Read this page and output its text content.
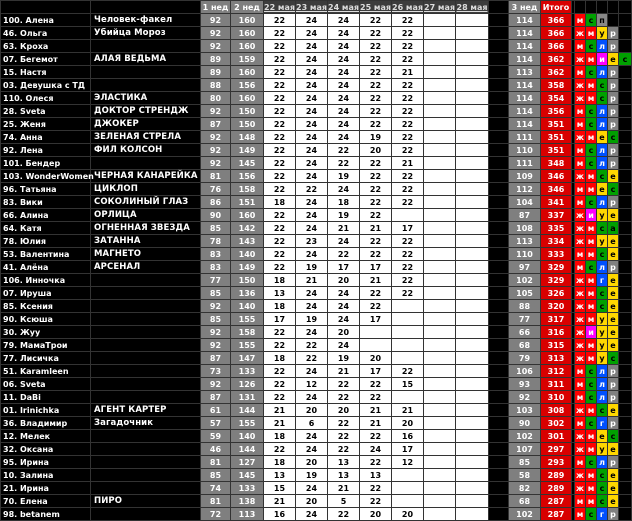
		1 нед	2 нед	22 мая	23 мая	24 мая	25 мая	26 мая	27 мая	28 мая		3 нед	Итого						
100. Алена	Человек-факел	92	160	22	24	24	22	22				114	366		м	с	п		
46. Ольга	Убийца Мороз	92	160	22	24	24	22	22				114	366		ж	м	у	р	
63. Кроха		92	160	22	24	24	22	22				114	366		м	с	л	р	
07. Бегемот	АЛАЯ ВЕДЬМА	89	159	22	24	24	22	22				114	362		ж	м	и	е	с
15. Настя		89	160	22	24	24	22	21				113	362		м	с	л	р	
03. Девушка с ТД		88	156	22	24	24	22	22				114	358		ж	м	с	р	
110. Олеся	ЭЛАСТИКА	80	160	22	24	24	22	22				114	354		ж	м	с	р	
28. Sveta	ДОКТОР СТРЕНДЖ	92	150	22	24	24	22	22				114	356		м	с	л	р	
25. Женя	ДЖОКЕР	87	150	22	24	24	22	22				114	351		м	с	л	р	
74. Анна	ЗЕЛЕНАЯ СТРЕЛА	92	148	22	24	24	19	22				111	351		ж	м	е	с	
92. Лена	ФИЛ КОЛСОН	92	149	22	24	22	20	22				110	351		м	с	л	р	
101. Бендер		92	145	22	24	22	22	21				111	348		м	с	л	р	
103. WonderWomen	ЧЕРНАЯ КАНАРЕЙКА	81	156	22	24	19	22	22				109	346		ж	м	с	е	
96. Татьяна	ЦИКЛОП	76	158	22	22	24	22	22				112	346		м	м	е	с	
83. Вики	СОКОЛИНЫЙ ГЛАЗ	86	151	18	24	18	22	22				104	341		м	с	л	р	
66. Алина	ОРЛИЦА	90	160	22	24	19	22					87	337		ж	и	у	е	
64. Катя	ОГНЕННАЯ ЗВЕЗДА	85	142	22	24	21	21	17				108	335		ж	м	с	а	
78. Юлия	ЗАТАННА	78	143	22	23	24	22	22				113	334		ж	м	у	е	
53. Валентина	МАГНЕТО	83	140	22	24	22	22	22				110	333		м	м	с	е	
41. Алёна	АРСЕНАЛ	83	149	22	19	17	17	22				97	329		м	с	л	р	
106. Инночка		77	150	18	21	20	21	22				102	329		ж	м	г	е	
07. Ируша		85	136	13	24	24	22	22				105	326		ж	м	с	е	
85. Ксения		92	140	18	24	24	22					88	320		ж	м	с	е	
90. Ксюша		85	155	17	19	24	17					77	317		ж	м	у	е	
30. Жуу		92	158	22	24	20						66	316		ж	и	у	е	
79. МамаТрои		92	155	22	22	24						68	315		ж	м	у	е	
77. Лисичка		87	147	18	22	19	20					79	313		ж	м	у	с	
51. Karamleen		73	133	22	24	21	17	22				106	312		м	с	л	р	
06. Sveta		92	126	22	12	22	22	15				93	311		м	с	л	р	
11. DaBi		87	131	22	24	22	22					92	310		м	с	л	р	
01. Irinichka	АГЕНТ КАРТЕР	61	144	21	20	20	21	21				103	308		ж	м	с	е	
36. Владимир	Загадочник	57	155	21	6	22	21	20				90	302		м	с	г	р	
12. Мелек		59	140	18	24	22	22	16				102	301		ж	м	е	с	
32. Оксана		46	144	22	24	22	24	17				107	297		ж	м	у	е	
95. Ирина		81	127	18	20	13	22	12				85	293		м	с	л	р	
10. Залина		85	145	13	19	13	13					58	289		ж	м	с	е	
21. Ирина		74	133	15	24	21	22					82	289		ж	м	с	е	
70. Елена	ПИРО	81	138	21	20	5	22					68	287		м	м	с	е	
98. betanem		72	113	16	24	22	20	20				102	287		м	с	г	р	
